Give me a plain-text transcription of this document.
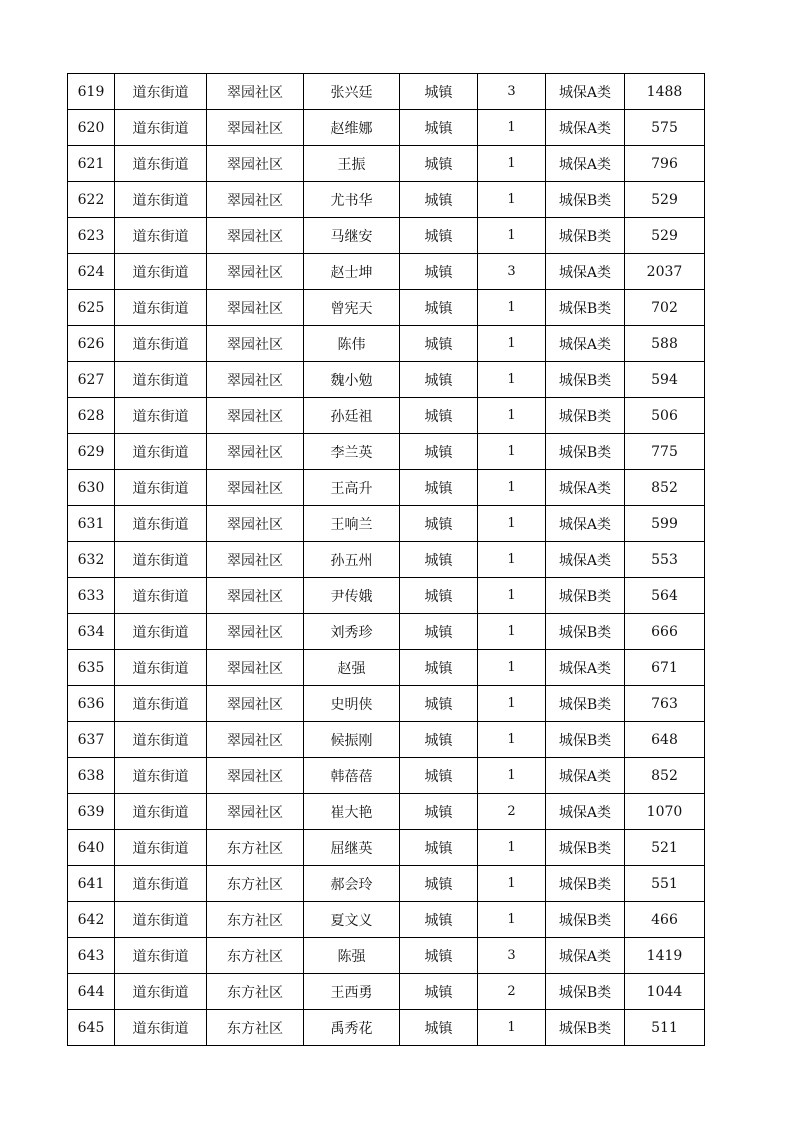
619	道东街道	翠园社区	张兴廷	城镇	3	城保A类	1488
620	道东街道	翠园社区	赵维娜	城镇	1	城保A类	575
621	道东街道	翠园社区	王振	城镇	1	城保A类	796
622	道东街道	翠园社区	尤书华	城镇	1	城保B类	529
623	道东街道	翠园社区	马继安	城镇	1	城保B类	529
624	道东街道	翠园社区	赵士坤	城镇	3	城保A类	2037
625	道东街道	翠园社区	曾宪天	城镇	1	城保B类	702
626	道东街道	翠园社区	陈伟	城镇	1	城保A类	588
627	道东街道	翠园社区	魏小勉	城镇	1	城保B类	594
628	道东街道	翠园社区	孙廷祖	城镇	1	城保B类	506
629	道东街道	翠园社区	李兰英	城镇	1	城保B类	775
630	道东街道	翠园社区	王高升	城镇	1	城保A类	852
631	道东街道	翠园社区	王响兰	城镇	1	城保A类	599
632	道东街道	翠园社区	孙五州	城镇	1	城保A类	553
633	道东街道	翠园社区	尹传娥	城镇	1	城保B类	564
634	道东街道	翠园社区	刘秀珍	城镇	1	城保B类	666
635	道东街道	翠园社区	赵强	城镇	1	城保A类	671
636	道东街道	翠园社区	史明侠	城镇	1	城保B类	763
637	道东街道	翠园社区	候振刚	城镇	1	城保B类	648
638	道东街道	翠园社区	韩蓓蓓	城镇	1	城保A类	852
639	道东街道	翠园社区	崔大艳	城镇	2	城保A类	1070
640	道东街道	东方社区	屈继英	城镇	1	城保B类	521
641	道东街道	东方社区	郝会玲	城镇	1	城保B类	551
642	道东街道	东方社区	夏文义	城镇	1	城保B类	466
643	道东街道	东方社区	陈强	城镇	3	城保A类	1419
644	道东街道	东方社区	王西勇	城镇	2	城保B类	1044
645	道东街道	东方社区	禹秀花	城镇	1	城保B类	511
